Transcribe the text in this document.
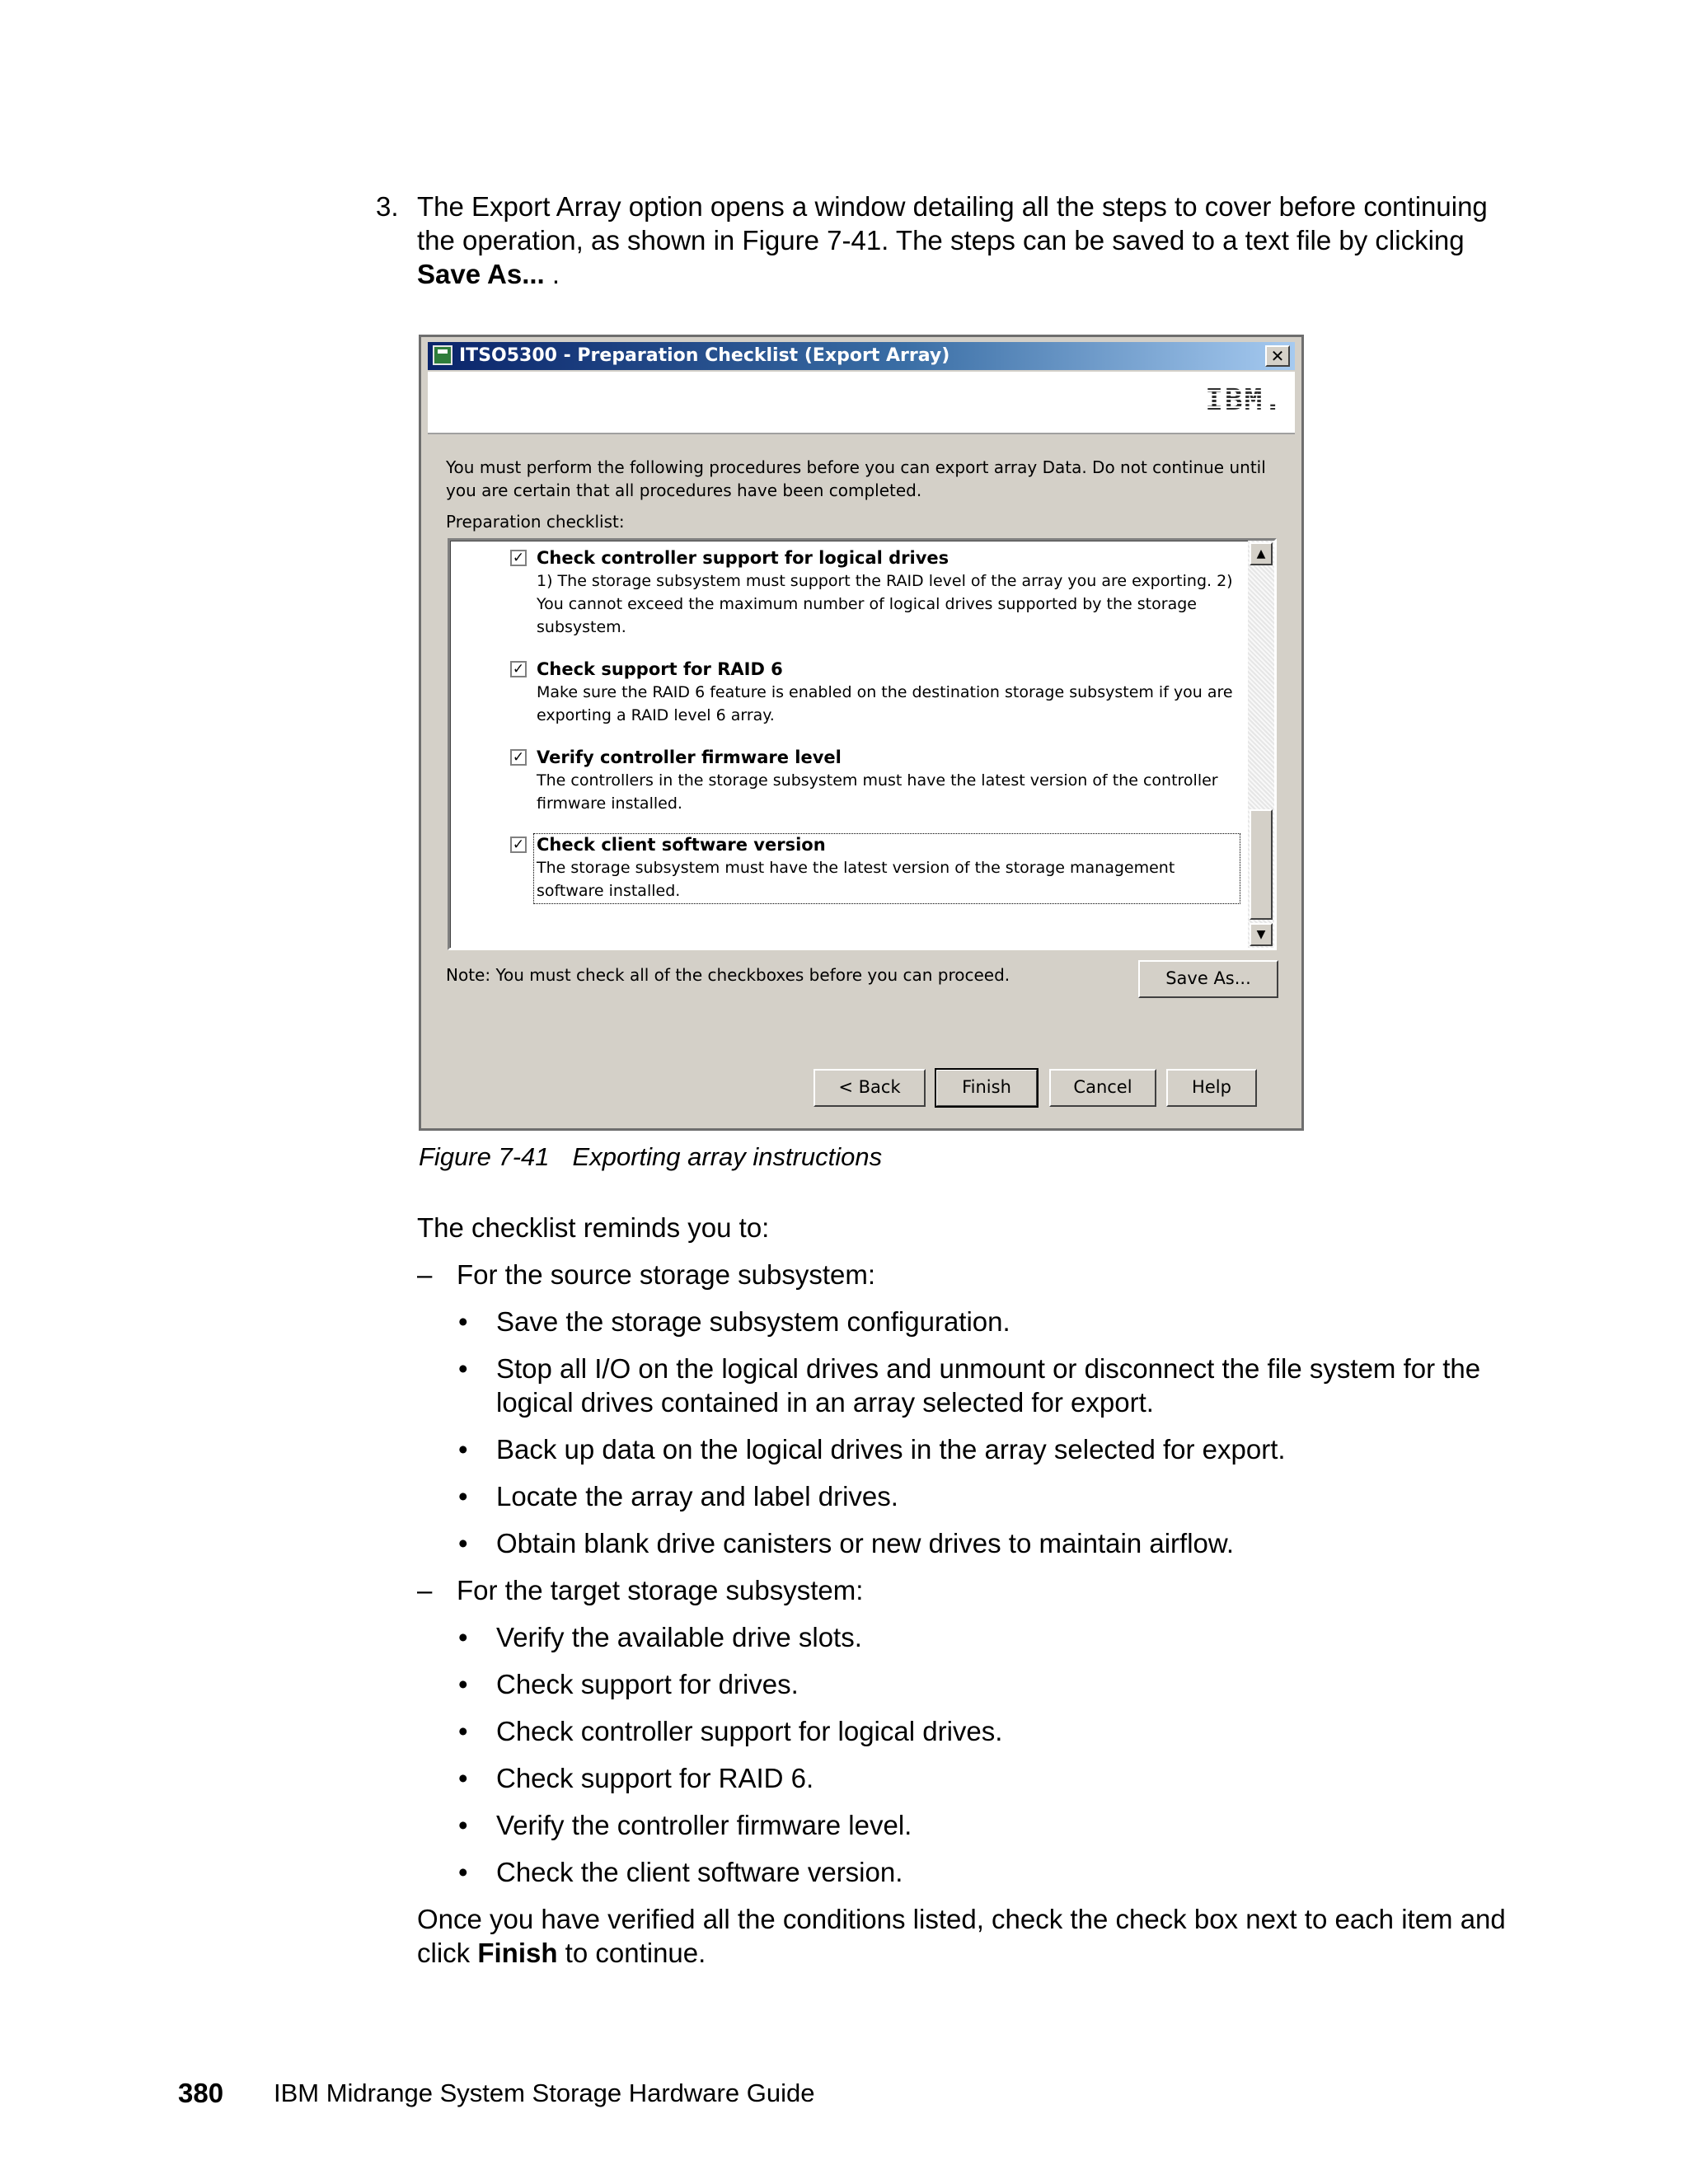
3. The Export Array option opens a window detailing all the steps to cover before continuing the operation, as shown in Figure 7-41. The steps can be saved to a text file by clicking Save As... .
ITSO5300 - Preparation Checklist (Export Array)	✕
IBM.
You must perform the following procedures before you can export array Data. Do not continue until you are certain that all procedures have been completed.
Preparation checklist:
✓ Check controller support for logical drives
1) The storage subsystem must support the RAID level of the array you are exporting. 2) You cannot exceed the maximum number of logical drives supported by the storage subsystem.
✓ Check support for RAID 6
Make sure the RAID 6 feature is enabled on the destination storage subsystem if you are exporting a RAID level 6 array.
✓ Verify controller firmware level
The controllers in the storage subsystem must have the latest version of the controller firmware installed.
✓ Check client software version
The storage subsystem must have the latest version of the storage management software installed.
▲
▼
Note: You must check all of the checkboxes before you can proceed.	Save As...
< Back	Finish	Cancel	Help
Figure 7-41 Exporting array instructions
The checklist reminds you to:
– For the source storage subsystem:
• Save the storage subsystem configuration.
• Stop all I/O on the logical drives and unmount or disconnect the file system for the logical drives contained in an array selected for export.
• Back up data on the logical drives in the array selected for export.
• Locate the array and label drives.
• Obtain blank drive canisters or new drives to maintain airflow.
– For the target storage subsystem:
• Verify the available drive slots.
• Check support for drives.
• Check controller support for logical drives.
• Check support for RAID 6.
• Verify the controller firmware level.
• Check the client software version.
Once you have verified all the conditions listed, check the check box next to each item and click Finish to continue.
380 IBM Midrange System Storage Hardware Guide
